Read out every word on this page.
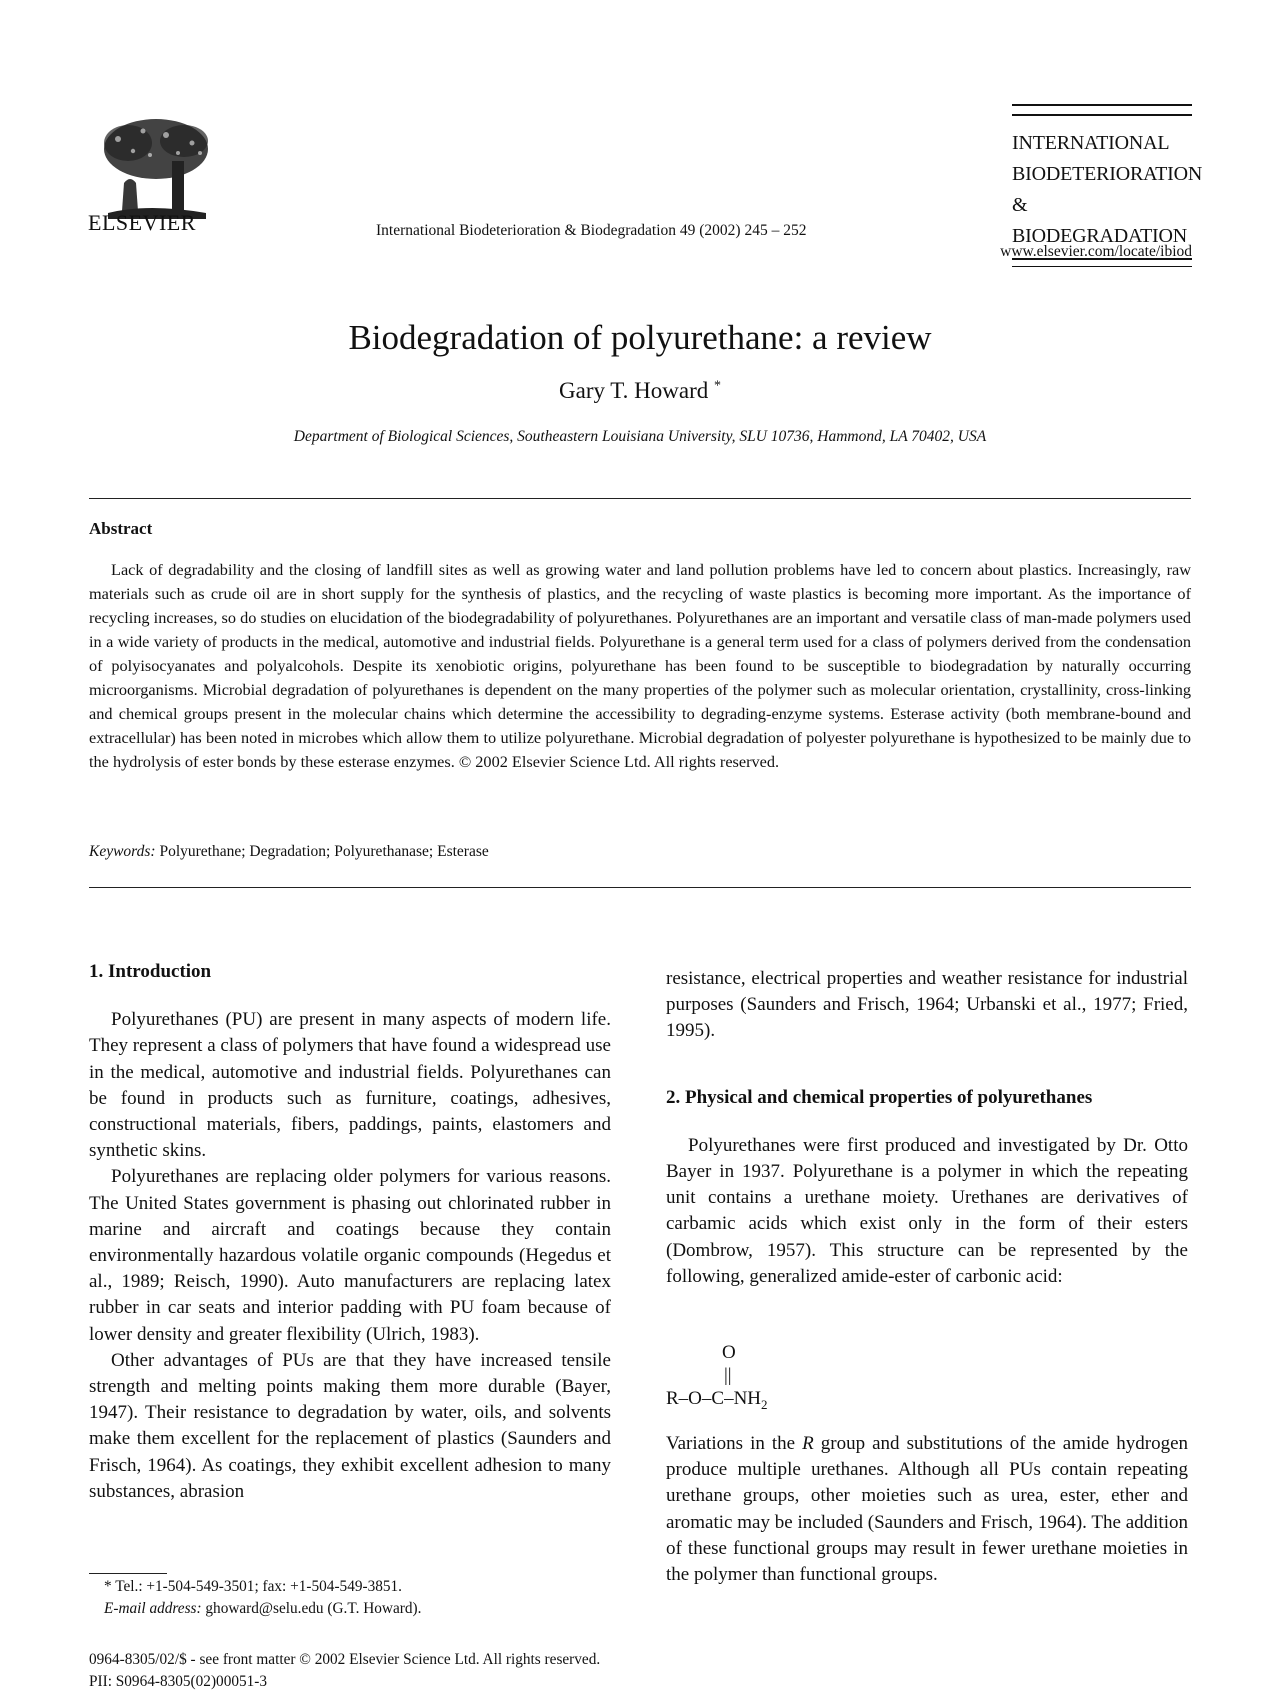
ELSEVIER	International Biodeterioration & Biodegradation 49 (2002) 245 – 252
INTERNATIONAL
BIODETERIORATION &
BIODEGRADATION
www.elsevier.com/locate/ibiod
Biodegradation of polyurethane: a review
Gary T. Howard *
Department of Biological Sciences, Southeastern Louisiana University, SLU 10736, Hammond, LA 70402, USA
Abstract
Lack of degradability and the closing of landfill sites as well as growing water and land pollution problems have led to concern about plastics. Increasingly, raw materials such as crude oil are in short supply for the synthesis of plastics, and the recycling of waste plastics is becoming more important. As the importance of recycling increases, so do studies on elucidation of the biodegradability of polyurethanes. Polyurethanes are an important and versatile class of man-made polymers used in a wide variety of products in the medical, automotive and industrial fields. Polyurethane is a general term used for a class of polymers derived from the condensation of polyisocyanates and polyalcohols. Despite its xenobiotic origins, polyurethane has been found to be susceptible to biodegradation by naturally occurring microorganisms. Microbial degradation of polyurethanes is dependent on the many properties of the polymer such as molecular orientation, crystallinity, cross-linking and chemical groups present in the molecular chains which determine the accessibility to degrading-enzyme systems. Esterase activity (both membrane-bound and extracellular) has been noted in microbes which allow them to utilize polyurethane. Microbial degradation of polyester polyurethane is hypothesized to be mainly due to the hydrolysis of ester bonds by these esterase enzymes. © 2002 Elsevier Science Ltd. All rights reserved.
Keywords: Polyurethane; Degradation; Polyurethanase; Esterase
1. Introduction

Polyurethanes (PU) are present in many aspects of modern life. They represent a class of polymers that have found a widespread use in the medical, automotive and industrial fields. Polyurethanes can be found in products such as furniture, coatings, adhesives, constructional materials, fibers, paddings, paints, elastomers and synthetic skins.

Polyurethanes are replacing older polymers for various reasons. The United States government is phasing out chlorinated rubber in marine and aircraft and coatings because they contain environmentally hazardous volatile organic compounds (Hegedus et al., 1989; Reisch, 1990). Auto manufacturers are replacing latex rubber in car seats and interior padding with PU foam because of lower density and greater flexibility (Ulrich, 1983).

Other advantages of PUs are that they have increased tensile strength and melting points making them more durable (Bayer, 1947). Their resistance to degradation by water, oils, and solvents make them excellent for the replacement of plastics (Saunders and Frisch, 1964). As coatings, they exhibit excellent adhesion to many substances, abrasion

resistance, electrical properties and weather resistance for industrial purposes (Saunders and Frisch, 1964; Urbanski et al., 1977; Fried, 1995).

2. Physical and chemical properties of polyurethanes

Polyurethanes were first produced and investigated by Dr. Otto Bayer in 1937. Polyurethane is a polymer in which the repeating unit contains a urethane moiety. Urethanes are derivatives of carbamic acids which exist only in the form of their esters (Dombrow, 1957). This structure can be represented by the following, generalized amide-ester of carbonic acid:

O
||
$R-O-C-NH_2$

Variations in the R group and substitutions of the amide hydrogen produce multiple urethanes. Although all PUs contain repeating urethane groups, other moieties such as urea, ester, ether and aromatic may be included (Saunders and Frisch, 1964). The addition of these functional groups may result in fewer urethane moieties in the polymer than functional groups.

* Tel.: +1-504-549-3501; fax: +1-504-549-3851.
E-mail address: ghoward@selu.edu (G.T. Howard).
0964-8305/02/$ - see front matter © 2002 Elsevier Science Ltd. All rights reserved.
PII: S0964-8305(02)00051-3
